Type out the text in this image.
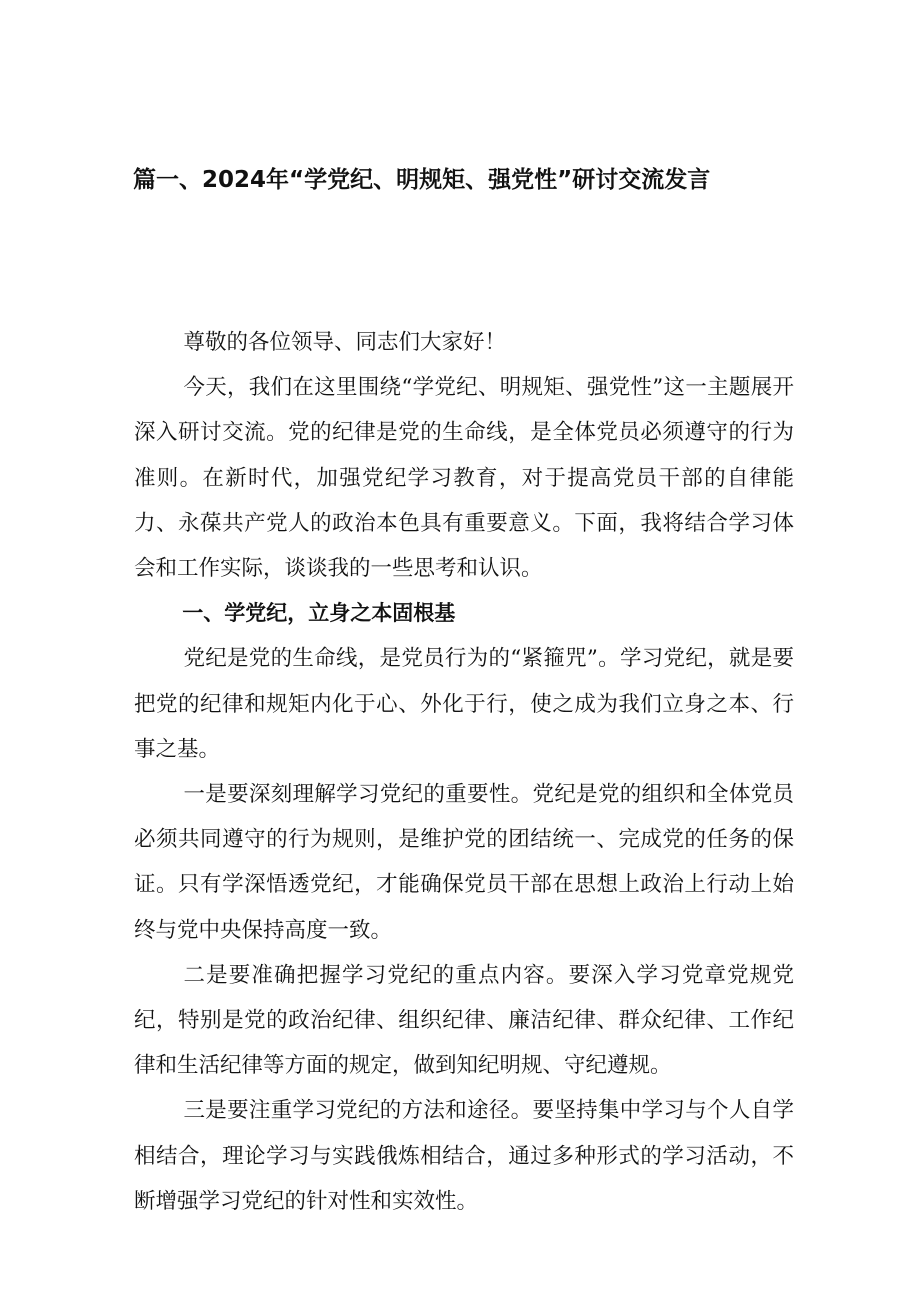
篇一、2024年“学党纪、明规矩、强党性”研讨交流发言

尊敬的各位领导、同志们大家好！

今天，我们在这里围绕“学党纪、明规矩、强党性”这一主题展开深入研讨交流。党的纪律是党的生命线，是全体党员必须遵守的行为准则。在新时代，加强党纪学习教育，对于提高党员干部的自律能力、永葆共产党人的政治本色具有重要意义。下面，我将结合学习体会和工作实际，谈谈我的一些思考和认识。

一、学党纪，立身之本固根基

党纪是党的生命线，是党员行为的“紧箍咒”。学习党纪，就是要把党的纪律和规矩内化于心、外化于行，使之成为我们立身之本、行事之基。

一是要深刻理解学习党纪的重要性。党纪是党的组织和全体党员必须共同遵守的行为规则，是维护党的团结统一、完成党的任务的保证。只有学深悟透党纪，才能确保党员干部在思想上政治上行动上始终与党中央保持高度一致。

二是要准确把握学习党纪的重点内容。要深入学习党章党规党纪，特别是党的政治纪律、组织纪律、廉洁纪律、群众纪律、工作纪律和生活纪律等方面的规定，做到知纪明规、守纪遵规。

三是要注重学习党纪的方法和途径。要坚持集中学习与个人自学相结合，理论学习与实践俄炼相结合，通过多种形式的学习活动，不断增强学习党纪的针对性和实效性。
